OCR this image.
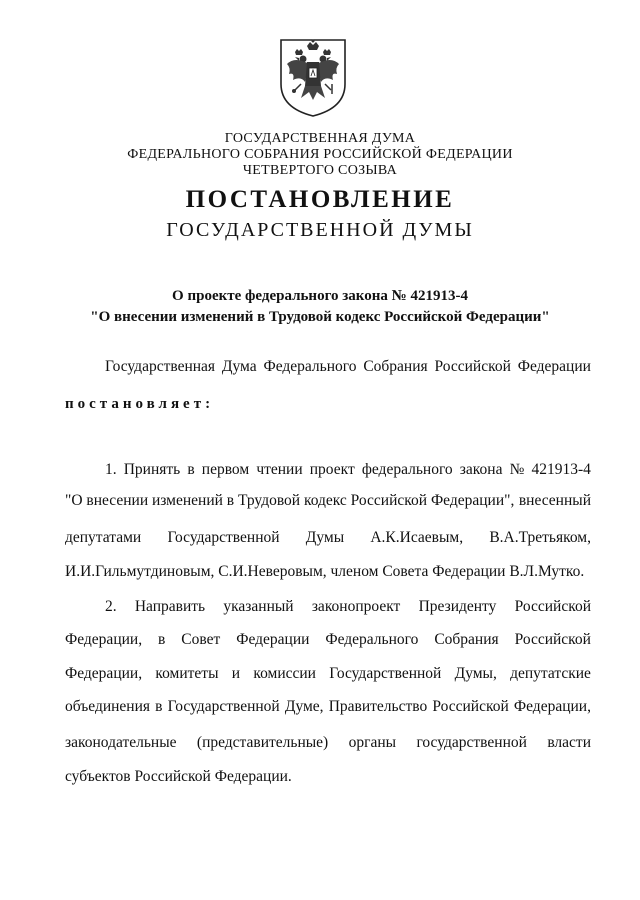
ГОСУДАРСТВЕННАЯ ДУМА
ФЕДЕРАЛЬНОГО СОБРАНИЯ РОССИЙСКОЙ ФЕДЕРАЦИИ
ЧЕТВЕРТОГО СОЗЫВА
ПОСТАНОВЛЕНИЕ
ГОСУДАРСТВЕННОЙ ДУМЫ
О проекте федерального закона № 421913-4
"О внесении изменений в Трудовой кодекс Российской Федерации"
Государственная Дума Федерального Собрания Российской Федерации
постановляет:
1. Принять в первом чтении проект федерального закона № 421913-4
"О внесении изменений в Трудовой кодекс Российской Федерации", внесенный
депутатами Государственной Думы А.К.Исаевым, В.А.Третьяком,
И.И.Гильмутдиновым, С.И.Неверовым, членом Совета Федерации В.Л.Мутко.
2. Направить указанный законопроект Президенту Российской
Федерации, в Совет Федерации Федерального Собрания Российской
Федерации, комитеты и комиссии Государственной Думы, депутатские
объединения в Государственной Думе, Правительство Российской Федерации,
законодательные (представительные) органы государственной власти
субъектов Российской Федерации.
